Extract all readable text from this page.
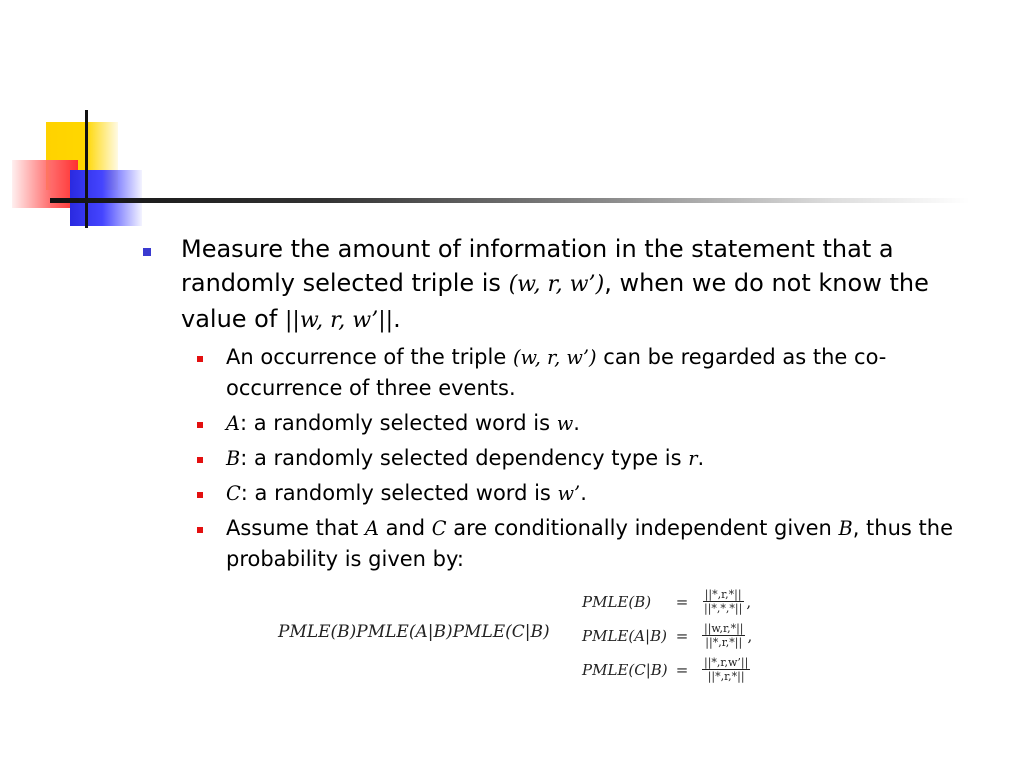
Measure the amount of information in the statement that a randomly selected triple is (w, r, w’), when we do not know the value of ||w, r, w’||.
An occurrence of the triple (w, r, w’) can be regarded as the co-occurrence of three events.
A: a randomly selected word is w.
B: a randomly selected dependency type is r.
C: a randomly selected word is w’.
Assume that A and C are conditionally independent given B, thus the probability is given by:
PMLE(B)PMLE(A|B)PMLE(C|B)
PMLE(B)	=	$\frac{||*,r,*||}{||*,*,*||}$ ,
PMLE(A|B) =	$\frac{||w,r,*||}{||*,r,*||}$ ,
PMLE(C|B) =	$\frac{||*,r,w’||}{||*,r,*||}$
